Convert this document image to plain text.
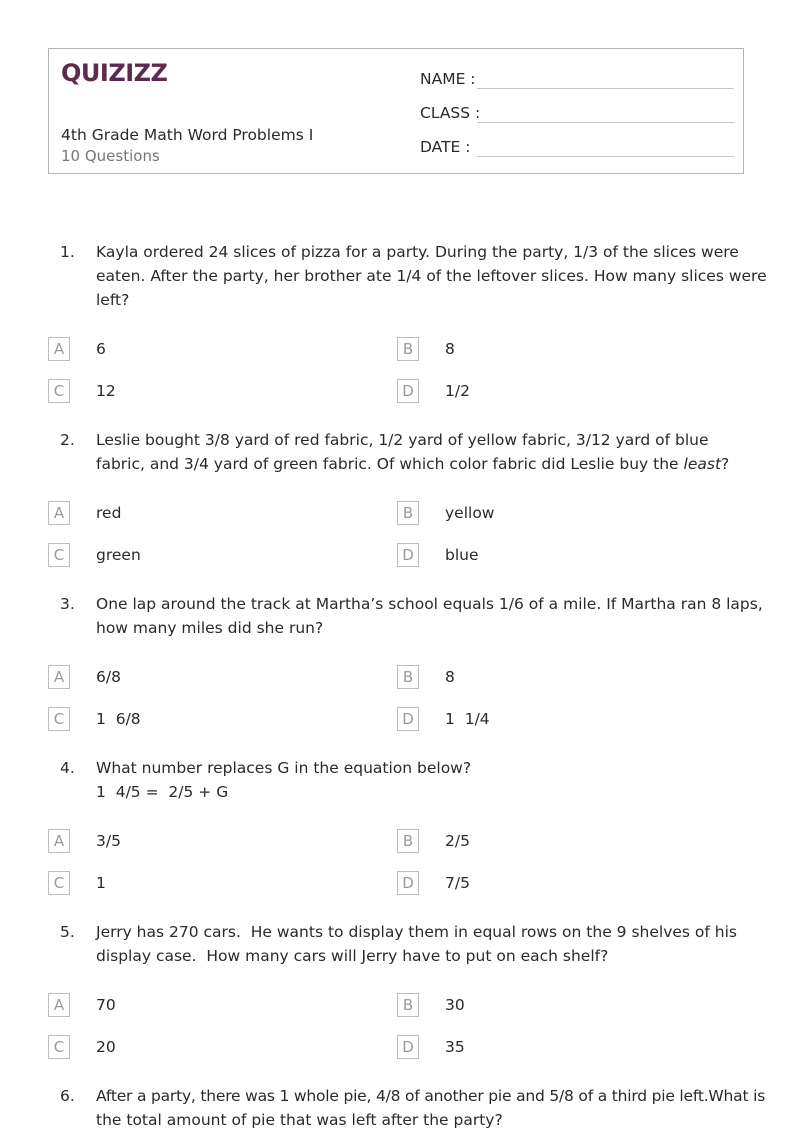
QUIZIZZ
4th Grade Math Word Problems I
10 Questions
NAME :
CLASS :
DATE :
1. Kayla ordered 24 slices of pizza for a party. During the party, 1/3 of the slices were
eaten. After the party, her brother ate 1/4 of the leftover slices. How many slices were
left?
A	6	B	8
C	12	D	1/2
2. Leslie bought 3/8 yard of red fabric, 1/2 yard of yellow fabric, 3/12 yard of blue
fabric, and 3/4 yard of green fabric. Of which color fabric did Leslie buy the least?
A	red	B	yellow
C	green	D	blue
3. One lap around the track at Martha’s school equals 1/6 of a mile. If Martha ran 8 laps,
how many miles did she run?
A	6/8	B	8
C	1  6/8	D	1  1/4
4. What number replaces G in the equation below?
1  4/5 =  2/5 + G
A	3/5	B	2/5
C	1	D	7/5
5. Jerry has 270 cars.  He wants to display them in equal rows on the 9 shelves of his
display case.  How many cars will Jerry have to put on each shelf?
A	70	B	30
C	20	D	35
6. After a party, there was 1 whole pie, 4/8 of another pie and 5/8 of a third pie left.What is
the total amount of pie that was left after the party?
